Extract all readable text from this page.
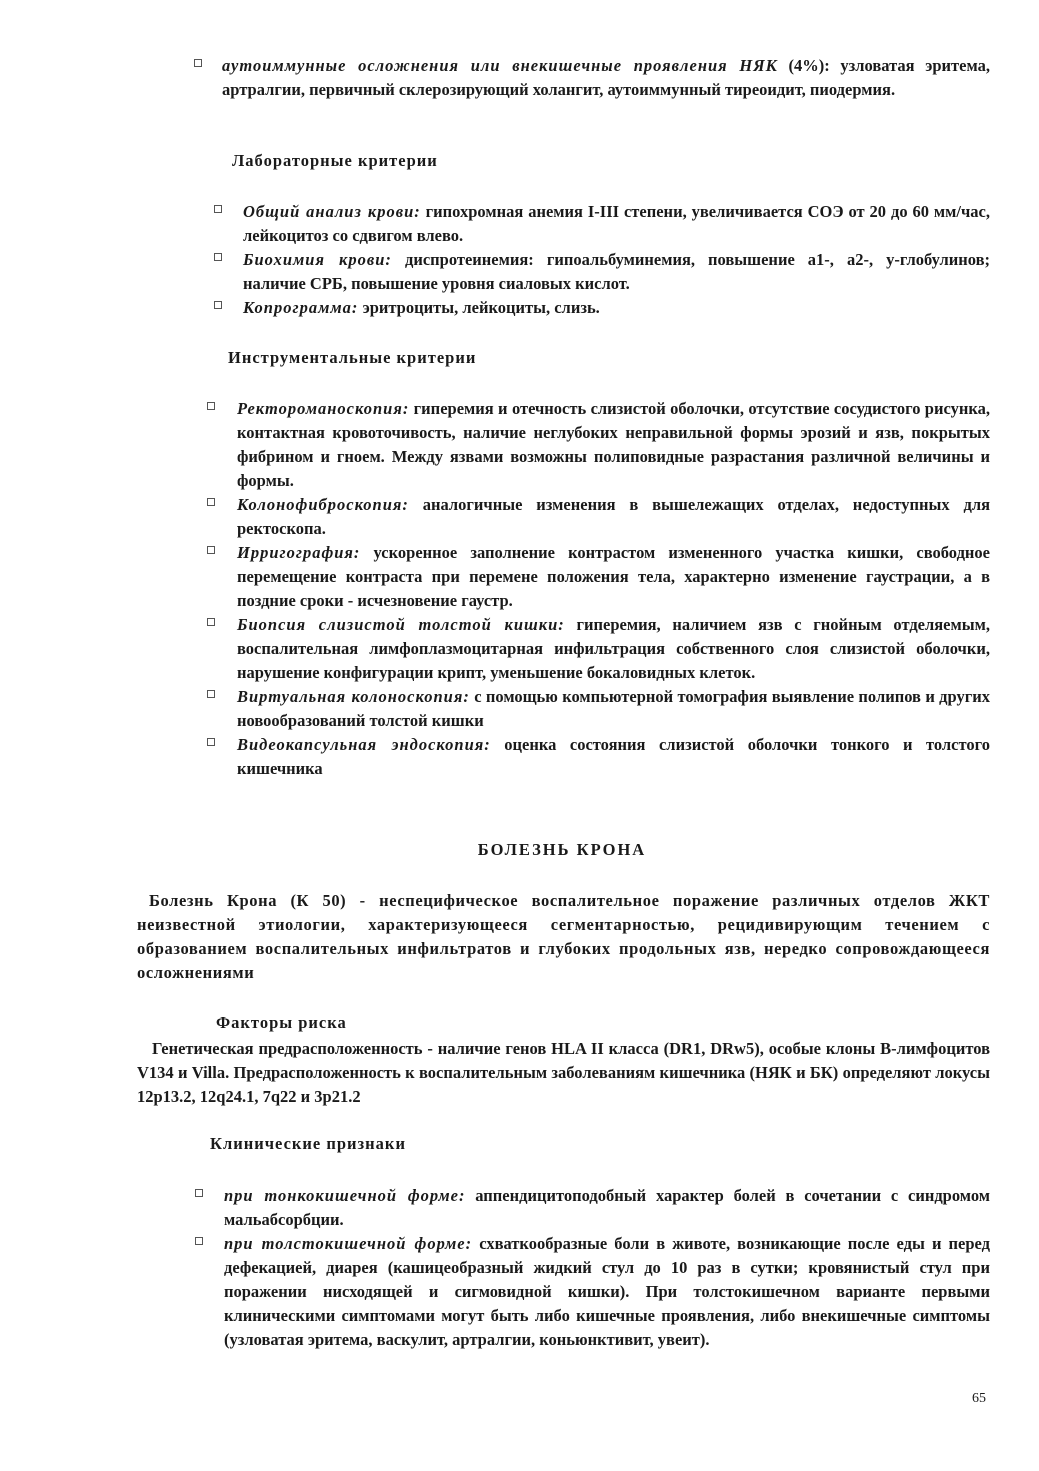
аутоиммунные осложнения или внекишечные проявления НЯК (4%): узловатая эритема, артралгии, первичный склерозирующий холангит, аутоиммунный тиреоидит, пиодермия.
Лабораторные критерии
Общий анализ крови: гипохромная анемия I-III степени, увеличивается СОЭ от 20 до 60 мм/час, лейкоцитоз со сдвигом влево.
Биохимия крови: диспротеинемия: гипоальбуминемия, повышение a1-, a2-, y-глобулинов; наличие СРБ, повышение уровня сиаловых кислот.
Копрограмма: эритроциты, лейкоциты, слизь.
Инструментальные критерии
Ректороманоскопия: гиперемия и отечность слизистой оболочки, отсутствие сосудистого рисунка, контактная кровоточивость, наличие неглубоких неправильной формы эрозий и язв, покрытых фибрином и гноем. Между язвами возможны полиповидные разрастания различной величины и формы.
Колонофиброскопия: аналогичные изменения в вышележащих отделах, недоступных для ректоскопа.
Ирригография: ускоренное заполнение контрастом измененного участка кишки, свободное перемещение контраста при перемене положения тела, характерно изменение гаустрации, а в поздние сроки - исчезновение гаустр.
Биопсия слизистой толстой кишки: гиперемия, наличием язв с гнойным отделяемым, воспалительная лимфоплазмоцитарная инфильтрация собственного слоя слизистой оболочки, нарушение конфигурации крипт, уменьшение бокаловидных клеток.
Виртуальная колоноскопия: с помощью компьютерной томография выявление полипов и других новообразований толстой кишки
Видеокапсульная эндоскопия: оценка состояния слизистой оболочки тонкого и толстого кишечника
БОЛЕЗНЬ КРОНА

Болезнь Крона (К 50) - неспецифическое воспалительное поражение различных отделов ЖКТ неизвестной этиологии, характеризующееся сегментарностью, рецидивирующим течением с образованием воспалительных инфильтратов и глубоких продольных язв, нередко сопровождающееся осложнениями

Факторы риска

Генетическая предрасположенность - наличие генов HLA II класса (DR1, DRw5), особые клоны В-лимфоцитов V134 и Villa. Предрасположенность к воспалительным заболеваниям кишечника (НЯК и БК) определяют локусы 12р13.2, 12q24.1, 7q22 и 3р21.2

Клинические признаки
при тонкокишечной форме: аппендицитоподобный характер болей в сочетании с синдромом мальабсорбции.
при толстокишечной форме: схваткообразные боли в животе, возникающие после еды и перед дефекацией, диарея (кашицеобразный жидкий стул до 10 раз в сутки; кровянистый стул при поражении нисходящей и сигмовидной кишки). При толстокишечном варианте первыми клиническими симптомами могут быть либо кишечные проявления, либо внекишечные симптомы (узловатая эритема, васкулит, артралгии, коньюнктивит, увеит).
65
